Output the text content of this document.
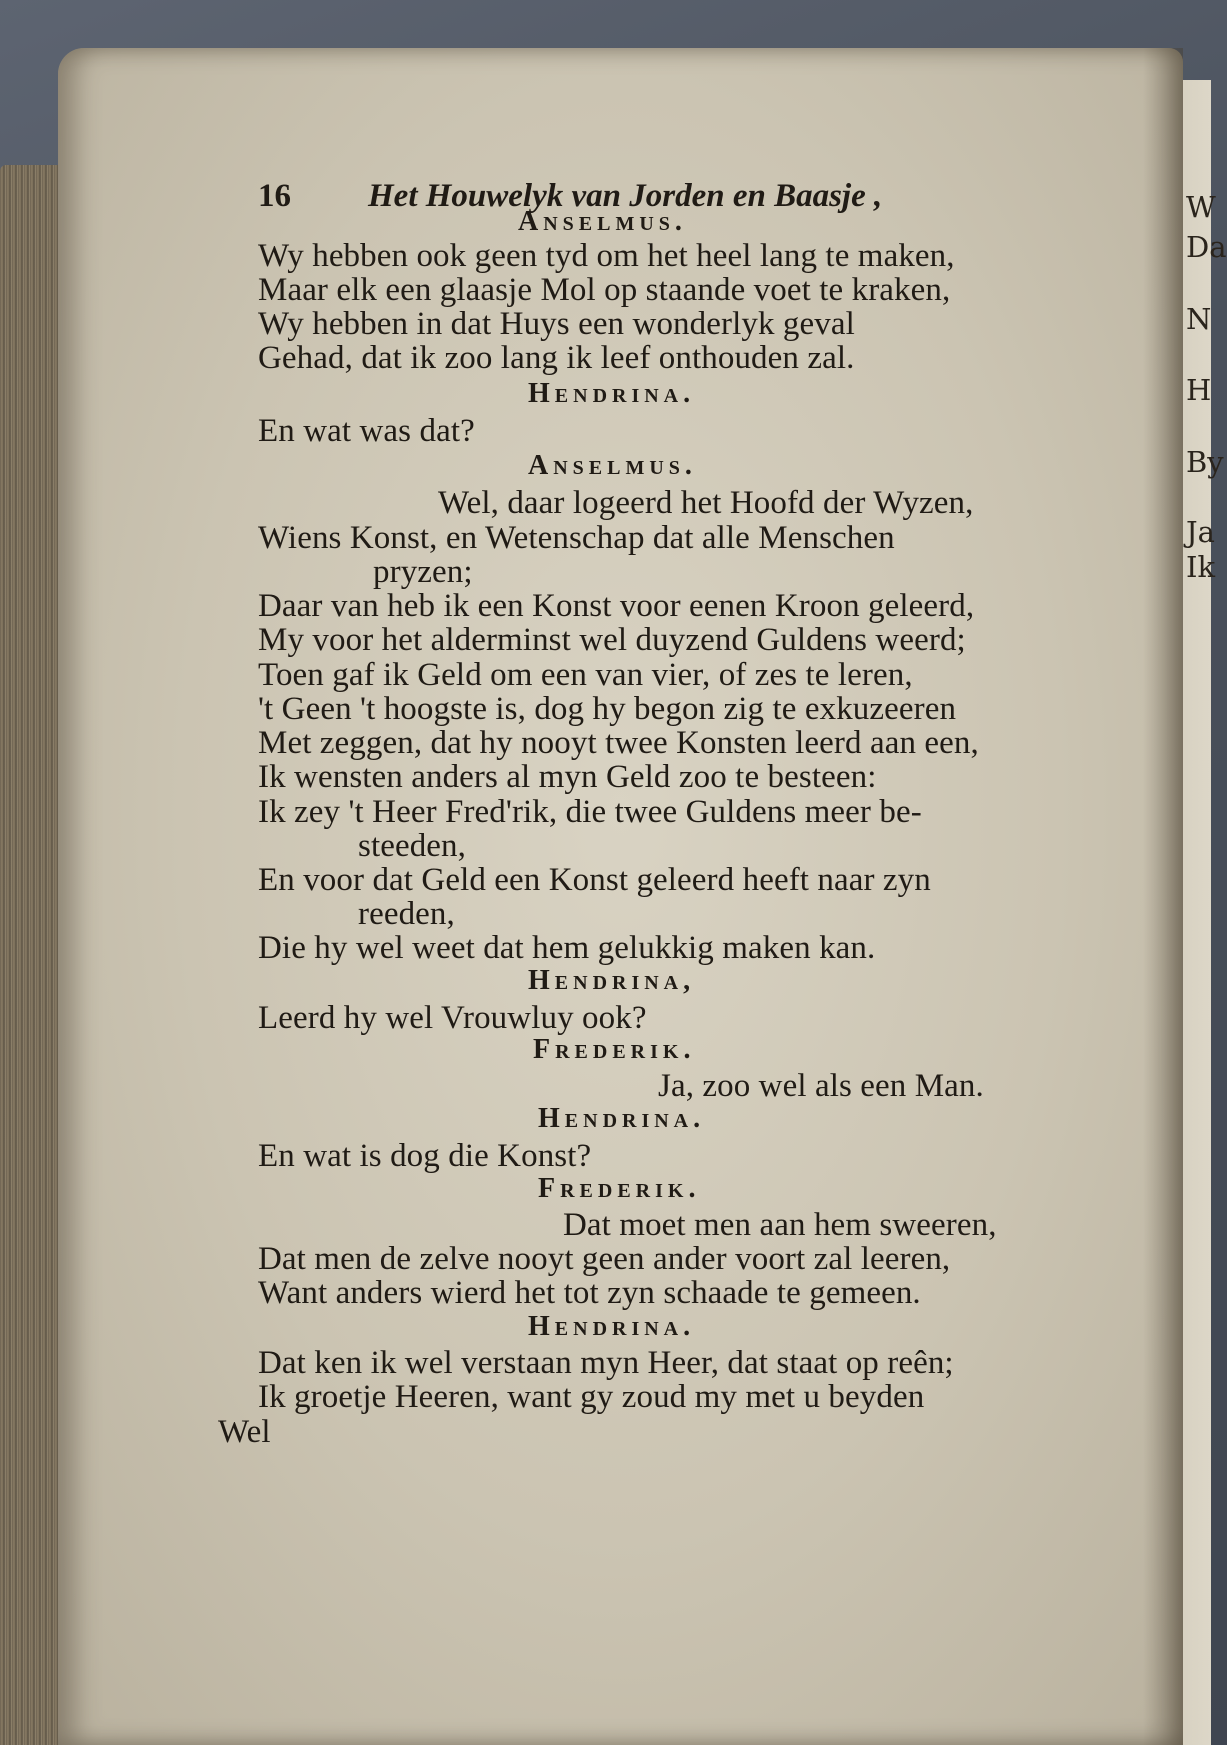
W
Da
N
H
By
Ja
Ik
16 Het Houwelyk van Jorden en Baasje ,
Anselmus.
Wy hebben ook geen tyd om het heel lang te maken,
Maar elk een glaasje Mol op staande voet te kraken,
Wy hebben in dat Huys een wonderlyk geval
Gehad, dat ik zoo lang ik leef onthouden zal.
Hendrina.
En wat was dat?
Anselmus.
Wel, daar logeerd het Hoofd der Wyzen,
Wiens Konst, en Wetenschap dat alle Menschen
pryzen;
Daar van heb ik een Konst voor eenen Kroon geleerd,
My voor het alderminst wel duyzend Guldens weerd;
Toen gaf ik Geld om een van vier, of zes te leren,
't Geen 't hoogste is, dog hy begon zig te exkuzeeren
Met zeggen, dat hy nooyt twee Konsten leerd aan een,
Ik wensten anders al myn Geld zoo te besteen:
Ik zey 't Heer Fred'rik, die twee Guldens meer be-
steeden,
En voor dat Geld een Konst geleerd heeft naar zyn
reeden,
Die hy wel weet dat hem gelukkig maken kan.
Hendrina,
Leerd hy wel Vrouwluy ook?
Frederik.
Ja, zoo wel als een Man.
Hendrina.
En wat is dog die Konst?
Frederik.
Dat moet men aan hem sweeren,
Dat men de zelve nooyt geen ander voort zal leeren,
Want anders wierd het tot zyn schaade te gemeen.
Hendrina.
Dat ken ik wel verstaan myn Heer, dat staat op reên;
Ik groetje Heeren, want gy zoud my met u beyden
Wel
